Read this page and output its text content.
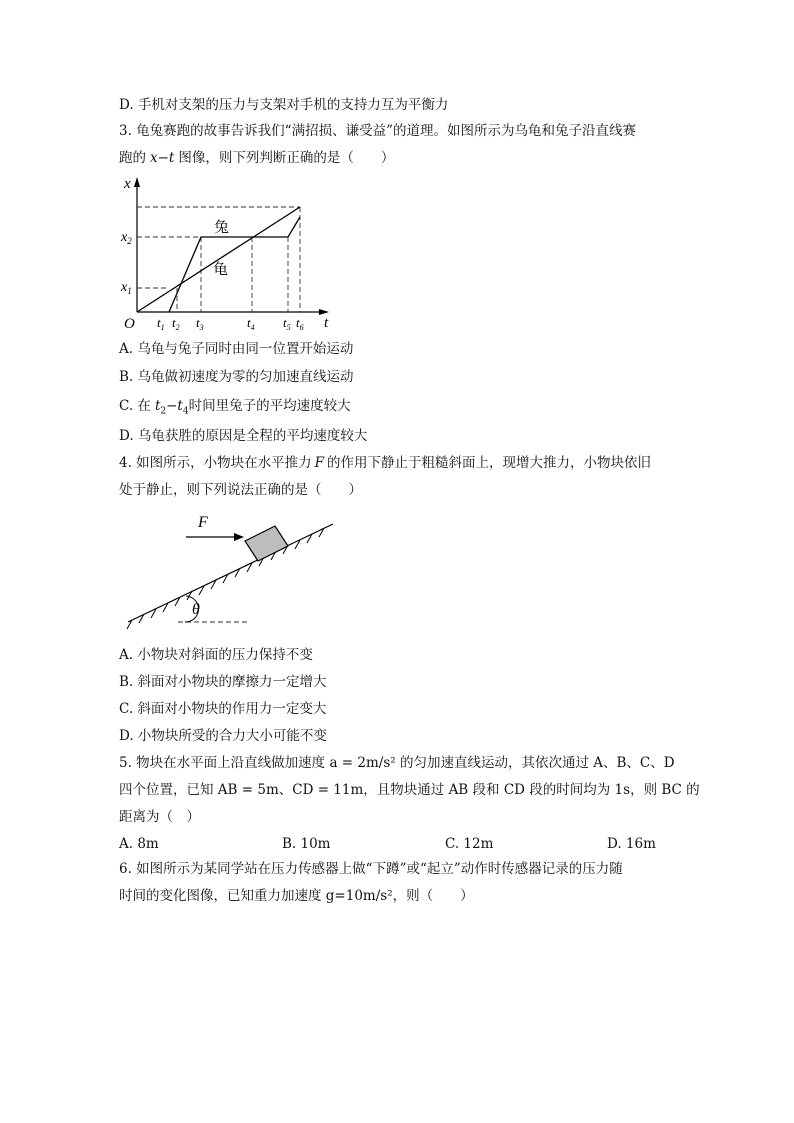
D. 手机对支架的压力与支架对手机的支持力互为平衡力
3. 龟兔赛跑的故事告诉我们“满招损、谦受益”的道理。如图所示为乌龟和兔子沿直线赛
跑的 x−t 图像，则下列判断正确的是（　　）
x
t
O
$x_2$
$x_1$
$t_1$ $t_2$ $t_3$	$t_4$ $t_5$ $t_6$
兔
龟
A. 乌龟与兔子同时由同一位置开始运动
B. 乌龟做初速度为零的匀加速直线运动
C. 在 $t_2-t_4$时间里兔子的平均速度较大
D. 乌龟获胜的原因是全程的平均速度较大
4. 如图所示，小物块在水平推力 F 的作用下静止于粗糙斜面上，现增大推力，小物块依旧
处于静止，则下列说法正确的是（　　）
θ
F
A. 小物块对斜面的压力保持不变
B. 斜面对小物块的摩擦力一定增大
C. 斜面对小物块的作用力一定变大
D. 小物块所受的合力大小可能不变
5. 物块在水平面上沿直线做加速度 a = 2m/s² 的匀加速直线运动，其依次通过 A、B、C、D
四个位置，已知 AB = 5m、CD = 11m，且物块通过 AB 段和 CD 段的时间均为 1s，则 BC 的
距离为（　）
A. 8m	B. 10m	C. 12m	D. 16m
6. 如图所示为某同学站在压力传感器上做“下蹲”或“起立”动作时传感器记录的压力随
时间的变化图像，已知重力加速度 g=10m/s²，则（　　）
